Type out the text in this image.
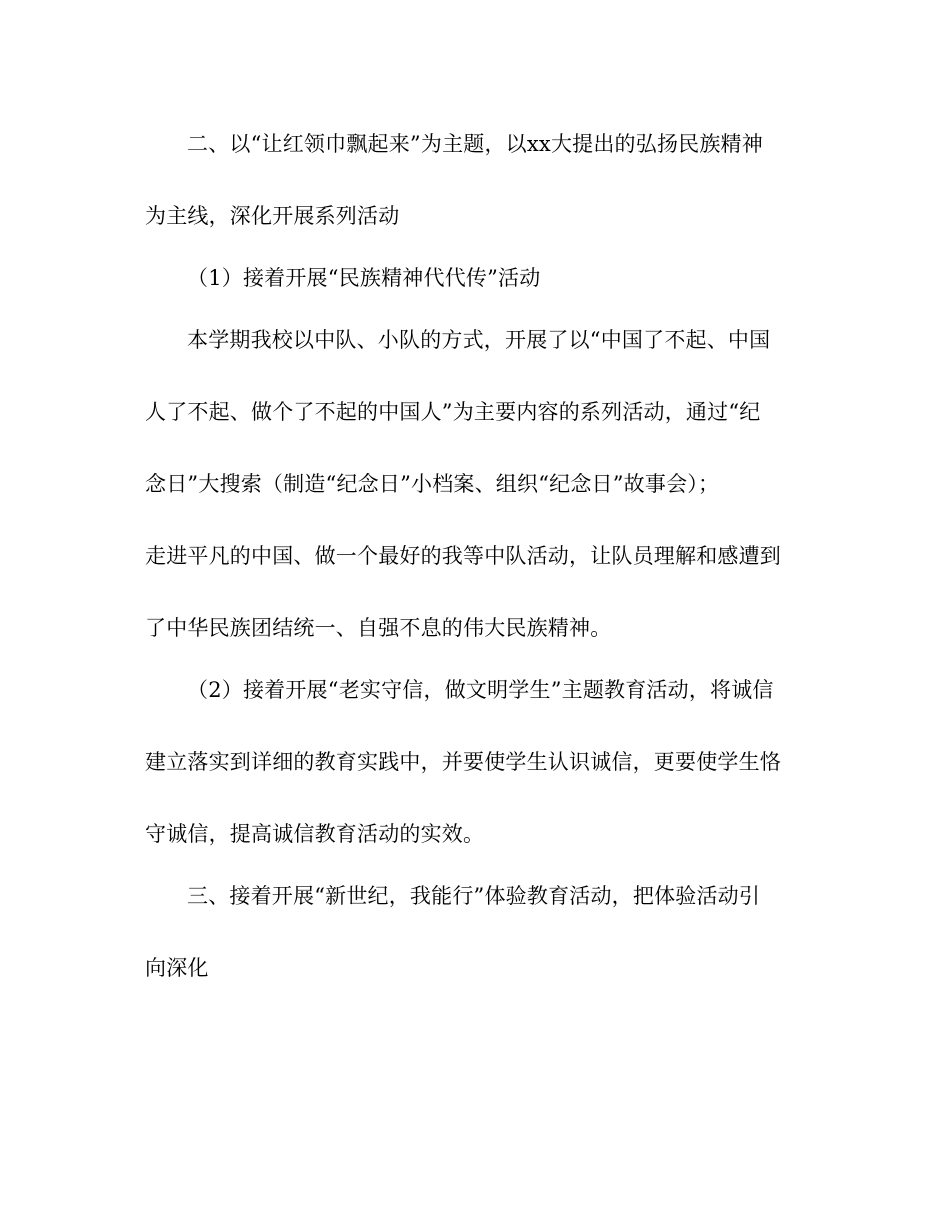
二、以“让红领巾飘起来”为主题，以xx大提出的弘扬民族精神
为主线，深化开展系列活动
（1）接着开展“民族精神代代传”活动
本学期我校以中队、小队的方式，开展了以“中国了不起、中国
人了不起、做个了不起的中国人”为主要内容的系列活动，通过“纪
念日”大搜索（制造“纪念日”小档案、组织“纪念日”故事会）；
走进平凡的中国、做一个最好的我等中队活动，让队员理解和感遭到
了中华民族团结统一、自强不息的伟大民族精神。
（2）接着开展“老实守信，做文明学生”主题教育活动，将诚信
建立落实到详细的教育实践中，并要使学生认识诚信，更要使学生恪
守诚信，提高诚信教育活动的实效。
三、接着开展“新世纪，我能行”体验教育活动，把体验活动引
向深化
